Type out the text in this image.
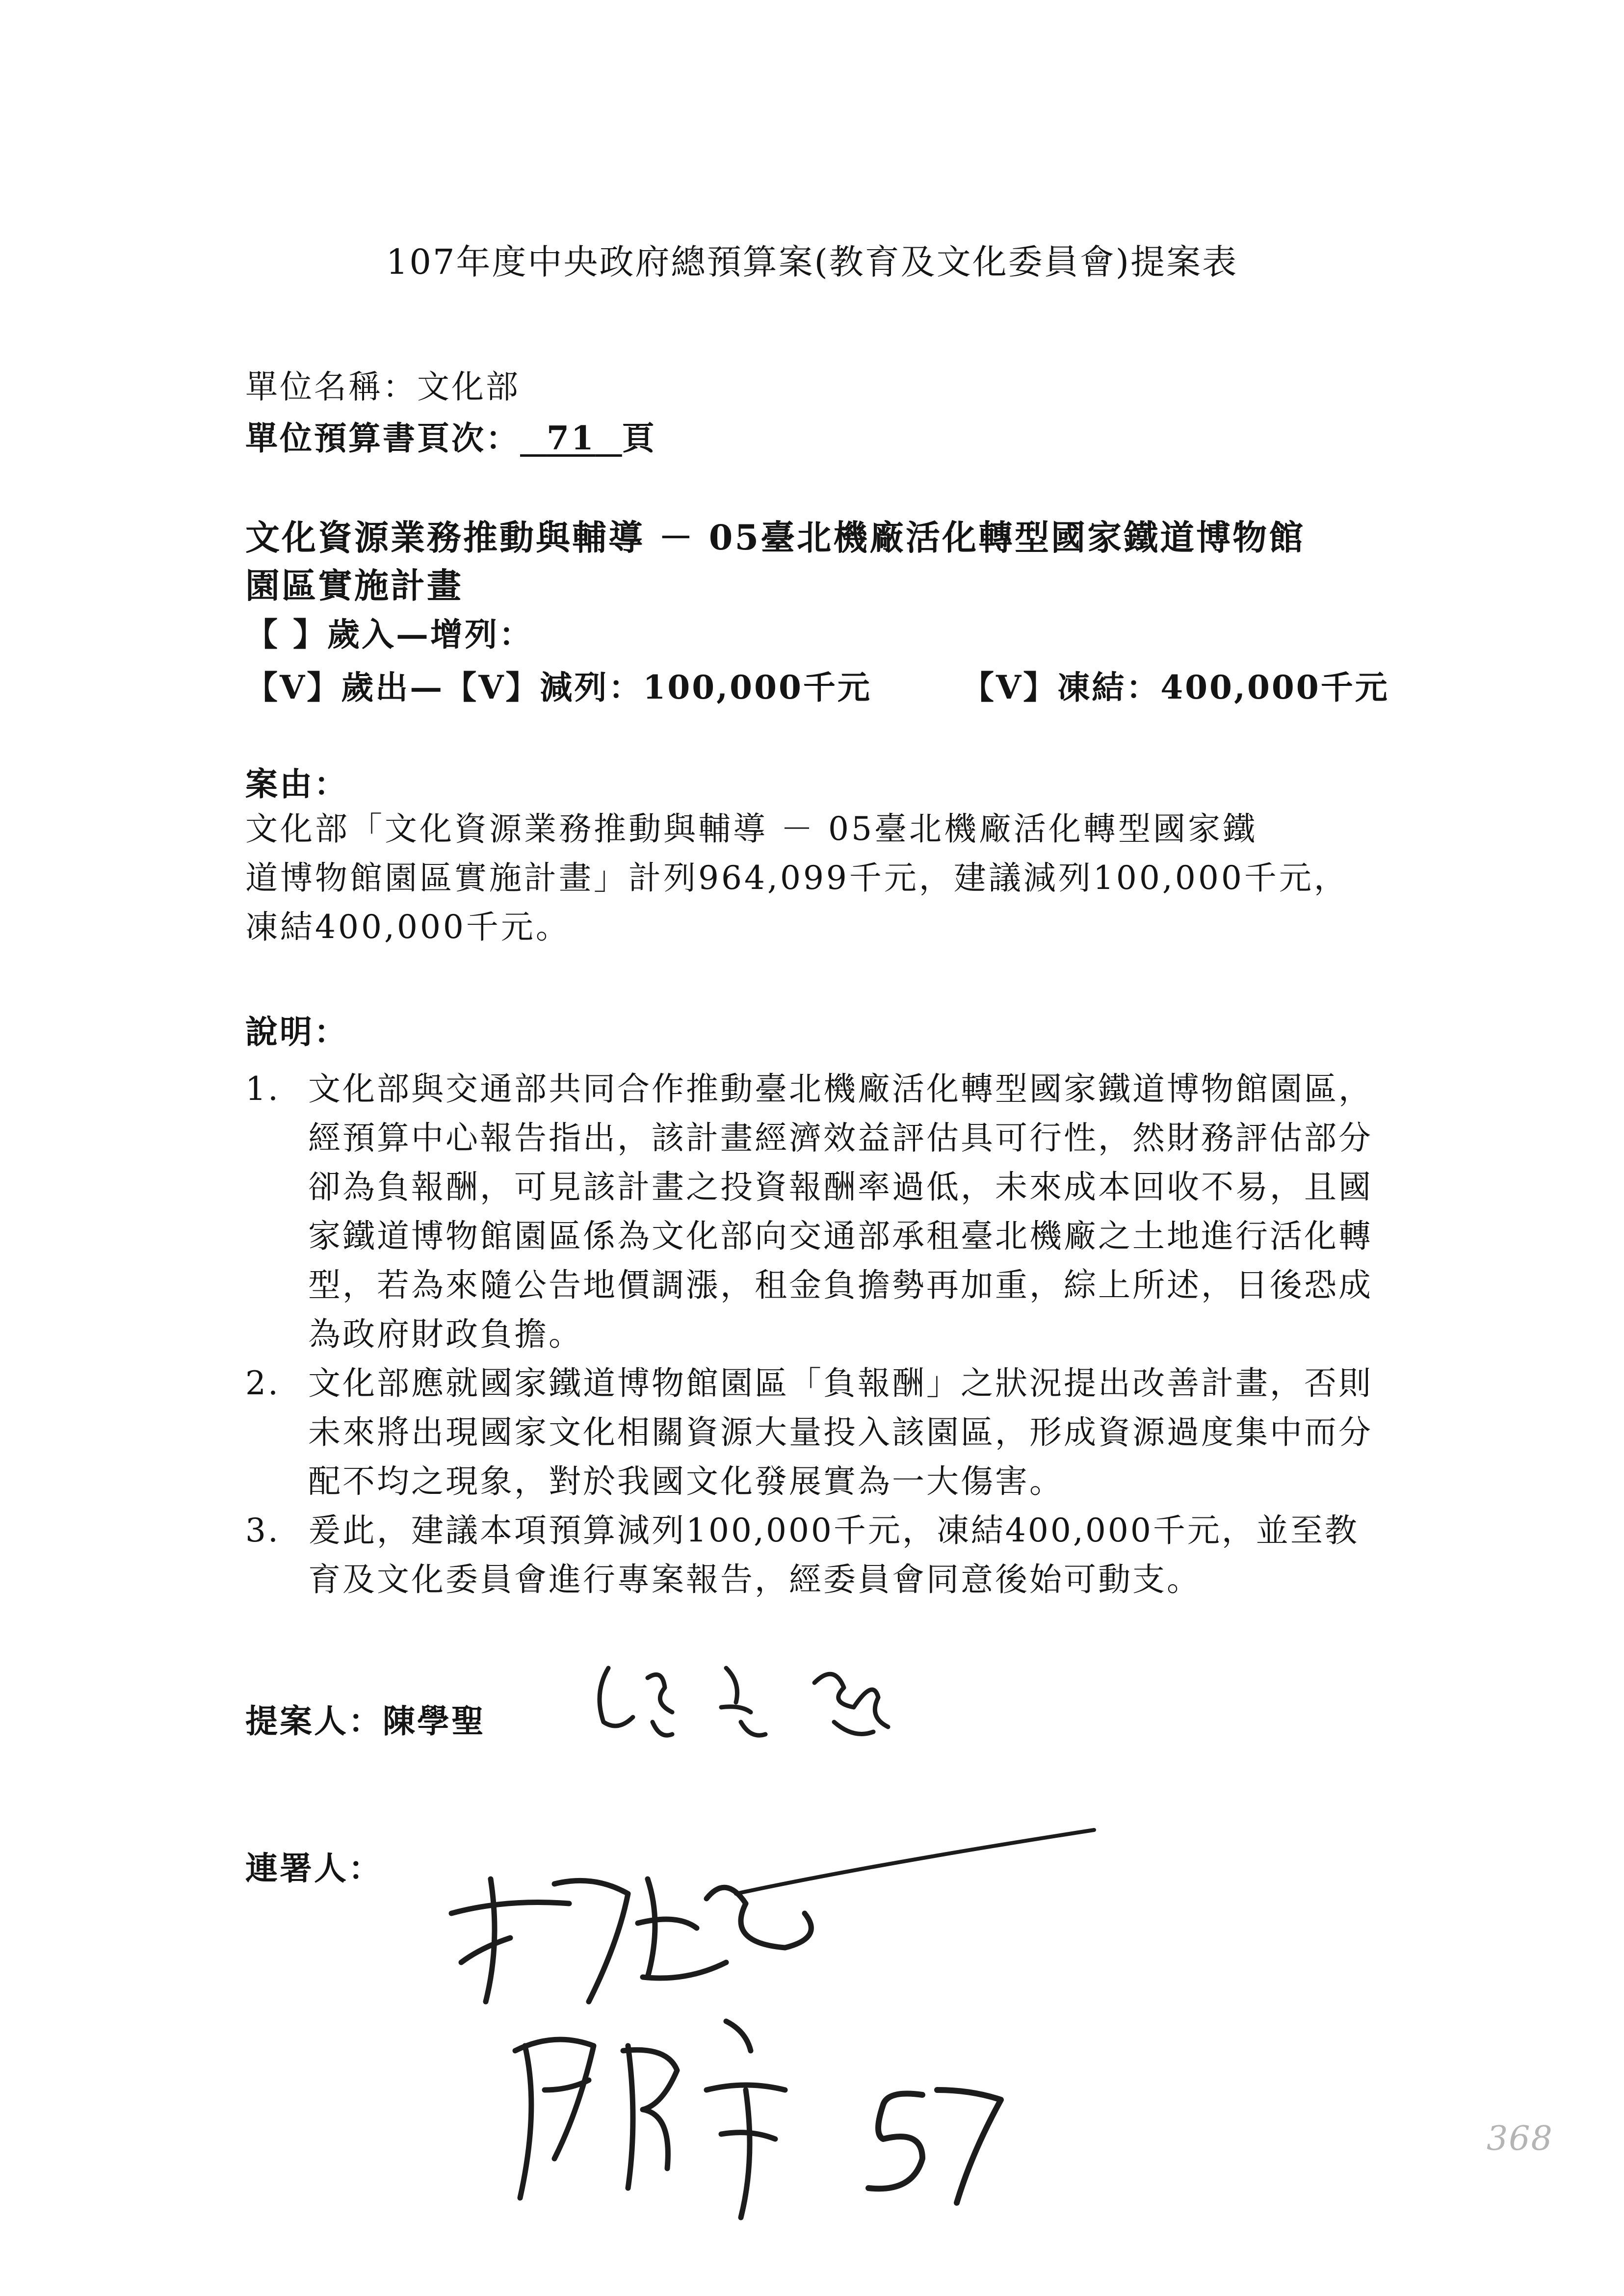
107年度中央政府總預算案(教育及文化委員會)提案表
單位名稱：文化部
單位預算書頁次： 71 頁
文化資源業務推動與輔導 － 05臺北機廠活化轉型國家鐵道博物館
園區實施計畫
【 】歲入—增列：
【V】歲出—【V】減列：100,000千元	【V】凍結：400,000千元
案由：
文化部「文化資源業務推動與輔導 － 05臺北機廠活化轉型國家鐵
道博物館園區實施計畫」計列964,099千元，建議減列100,000千元，
凍結400,000千元。
說明：
1. 文化部與交通部共同合作推動臺北機廠活化轉型國家鐵道博物館園區，經預算中心報告指出，該計畫經濟效益評估具可行性，然財務評估部分卻為負報酬，可見該計畫之投資報酬率過低，未來成本回收不易，且國家鐵道博物館園區係為文化部向交通部承租臺北機廠之土地進行活化轉型，若為來隨公告地價調漲，租金負擔勢再加重，綜上所述，日後恐成為政府財政負擔。
2. 文化部應就國家鐵道博物館園區「負報酬」之狀況提出改善計畫，否則未來將出現國家文化相關資源大量投入該園區，形成資源過度集中而分配不均之現象，對於我國文化發展實為一大傷害。
3. 爰此，建議本項預算減列100,000千元，凍結400,000千元，並至教育及文化委員會進行專案報告，經委員會同意後始可動支。
提案人：陳學聖
連署人：
368
